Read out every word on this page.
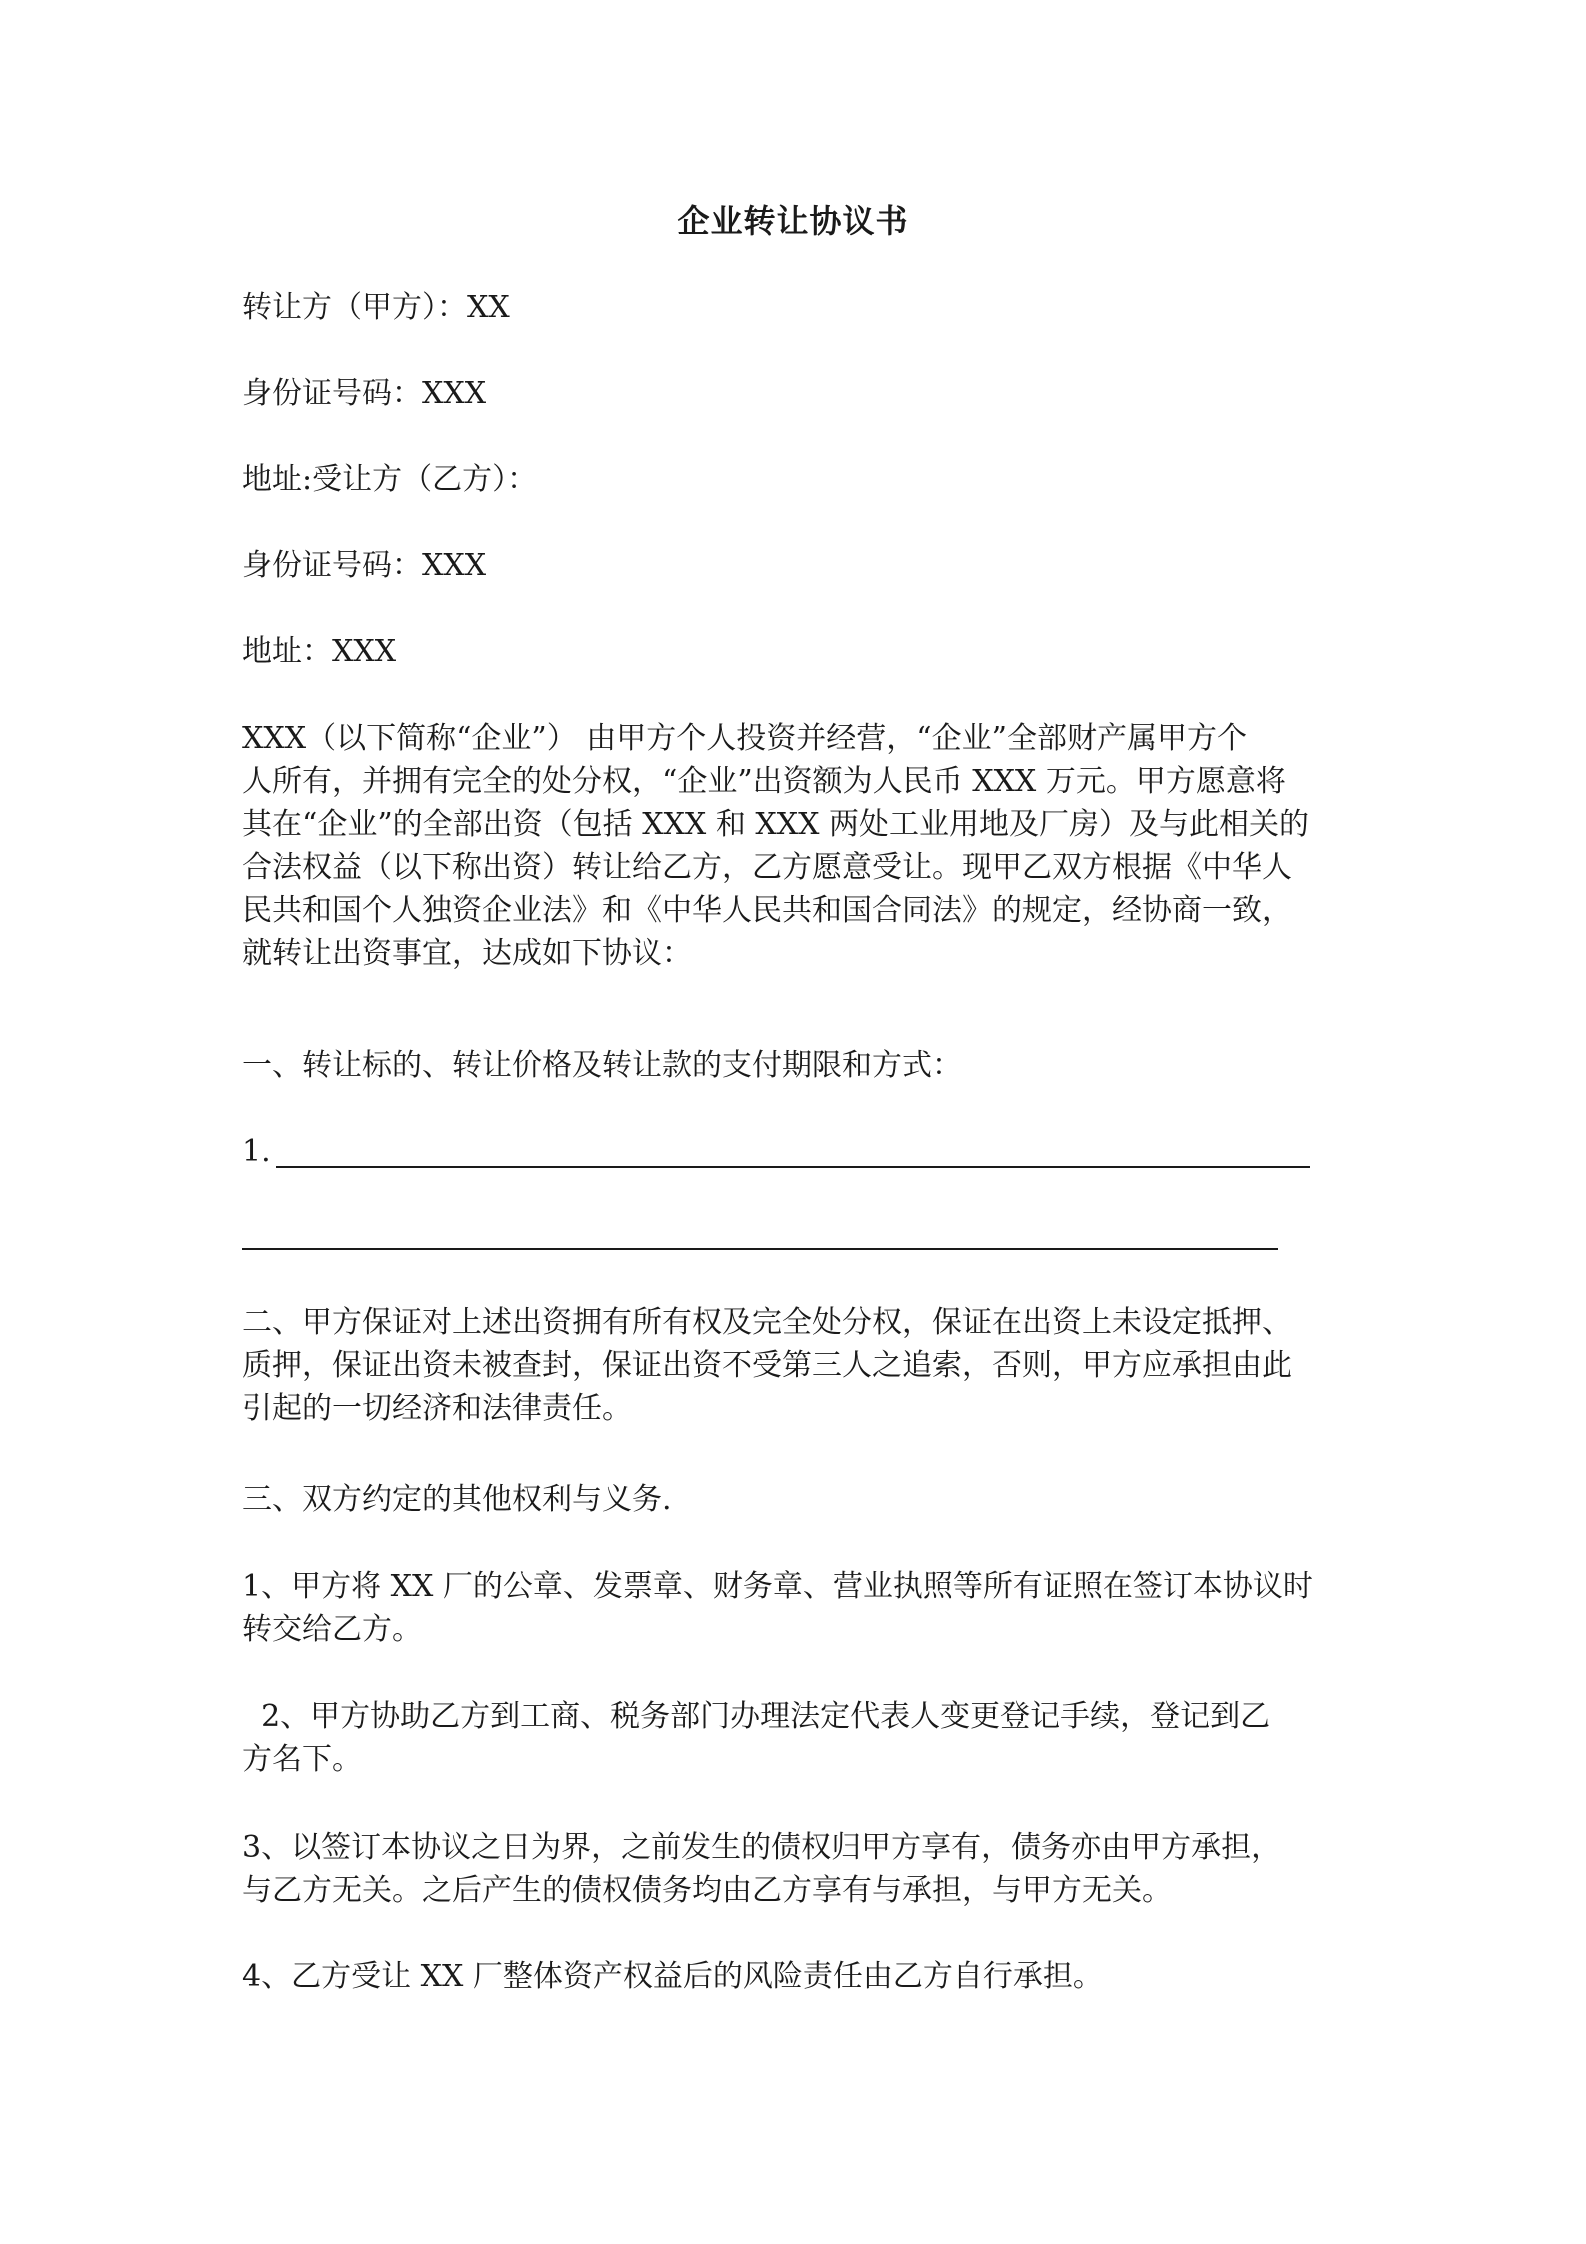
企业转让协议书
转让方（甲方）：XX
身份证号码：XXX
地址:受让方（乙方）：
身份证号码：XXX
地址：XXX
XXX（以下简称“企业”） 由甲方个人投资并经营，“企业”全部财产属甲方个
人所有，并拥有完全的处分权，“企业”出资额为人民币 XXX 万元。甲方愿意将
其在“企业”的全部出资（包括 XXX 和 XXX 两处工业用地及厂房）及与此相关的
合法权益（以下称出资）转让给乙方，乙方愿意受让。现甲乙双方根据《中华人
民共和国个人独资企业法》和《中华人民共和国合同法》的规定，经协商一致，
就转让出资事宜，达成如下协议：
一、转让标的、转让价格及转让款的支付期限和方式：
1.
二、甲方保证对上述出资拥有所有权及完全处分权，保证在出资上未设定抵押、
质押，保证出资未被查封，保证出资不受第三人之追索，否则，甲方应承担由此
引起的一切经济和法律责任。
三、双方约定的其他权利与义务.
1、甲方将 XX 厂的公章、发票章、财务章、营业执照等所有证照在签订本协议时
转交给乙方。
2、甲方协助乙方到工商、税务部门办理法定代表人变更登记手续，登记到乙
方名下。
3、以签订本协议之日为界，之前发生的债权归甲方享有，债务亦由甲方承担，
与乙方无关。之后产生的债权债务均由乙方享有与承担，与甲方无关。
4、乙方受让 XX 厂整体资产权益后的风险责任由乙方自行承担。
